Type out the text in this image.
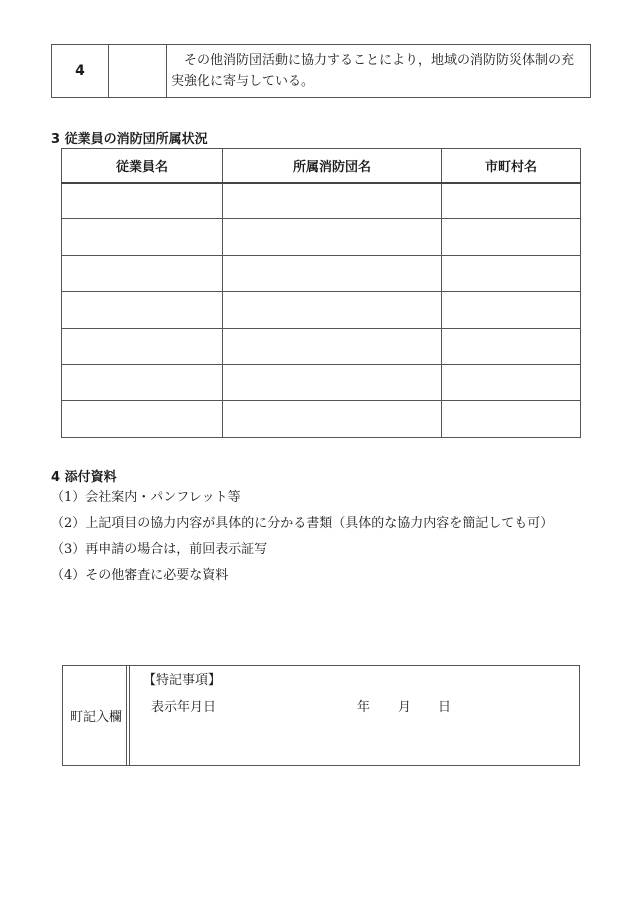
4		その他消防団活動に協力することにより，地域の消防防災体制の充実強化に寄与している。
3 従業員の消防団所属状況
従業員名	所属消防団名	市町村名

4 添付資料
（1）会社案内・パンフレット等
（2）上記項目の協力内容が具体的に分かる書類（具体的な協力内容を簡記しても可）
（3）再申請の場合は，前回表示証写
（4）その他審査に必要な資料
町記入欄
【特記事項】
表示年月日	年 月 日
